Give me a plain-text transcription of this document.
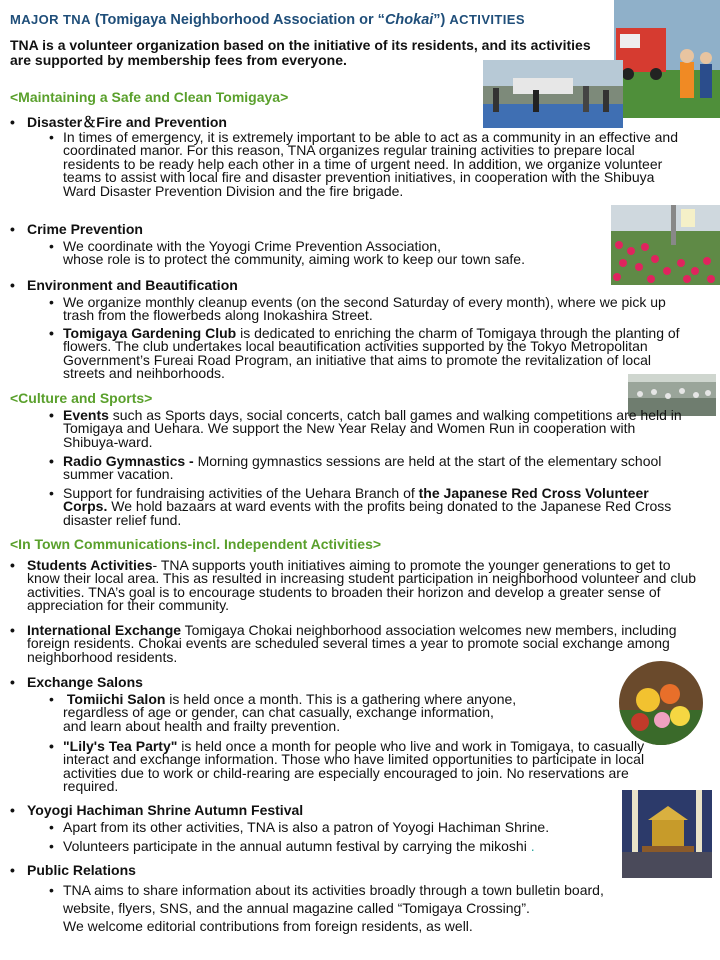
MAJOR TNA (Tomigaya Neighborhood Association or “Chokai”) ACTIVITIES
TNA is a volunteer organization based on the initiative of its residents, and its activities are supported by membership fees from everyone.
<Maintaining a Safe and Clean Tomigaya>
• Disaster＆Fire and Prevention
• In times of emergency, it is extremely important to be able to act as a community in an effective and coordinated manor. For this reason, TNA organizes regular training activities to prepare local residents to be ready help each other in a time of urgent need. In addition, we organize volunteer teams to assist with local fire and disaster prevention initiatives, in cooperation with the Shibuya Ward Disaster Prevention Division and the fire brigade.
• Crime Prevention
• We coordinate with the Yoyogi Crime Prevention Association,
whose role is to protect the community, aiming work to keep our town safe.
• Environment and Beautification
• We organize monthly cleanup events (on the second Saturday of every month), where we pick up trash from the flowerbeds along Inokashira Street.
• Tomigaya Gardening Club is dedicated to enriching the charm of Tomigaya through the planting of flowers. The club undertakes local beautification activities supported by the Tokyo Metropolitan Government’s Fureai Road Program, an initiative that aims to promote the revitalization of local streets and neihborhoods.
<Culture and Sports>
• Events such as Sports days, social concerts, catch ball games and walking competitions are held in Tomigaya and Uehara. We support the New Year Relay and Women Run in cooperation with Shibuya-ward.
• Radio Gymnastics - Morning gymnastics sessions are held at the start of the elementary school summer vacation.
• Support for fundraising activities of the Uehara Branch of the Japanese Red Cross Volunteer Corps. We hold bazaars at ward events with the profits being donated to the Japanese Red Cross disaster relief fund.
<In Town Communications-incl. Independent Activities>
• Students Activities- TNA supports youth initiatives aiming to promote the younger generations to get to know their local area. This as resulted in increasing student participation in neighborhood volunteer and club activities. TNA’s goal is to encourage students to broaden their horizon and develop a greater sense of appreciation for their community.
• International Exchange Tomigaya Chokai neighborhood association welcomes new members, including foreign residents. Chokai events are scheduled several times a year to promote social exchange among neighborhood residents.
• Exchange Salons
• Tomiichi Salon is held once a month. This is a gathering where anyone,
regardless of age or gender, can chat casually, exchange information,
and learn about health and frailty prevention.
• "Lily's Tea Party" is held once a month for people who live and work in Tomigaya, to casually interact and exchange information. Those who have limited opportunities to participate in local activities due to work or child-rearing are especially encouraged to join. No reservations are required.
• Yoyogi Hachiman Shrine Autumn Festival
• Apart from its other activities, TNA is also a patron of Yoyogi Hachiman Shrine.
• Volunteers participate in the annual autumn festival by carrying the mikoshi .
• Public Relations
• TNA aims to share information about its activities broadly through a town bulletin board,
website, flyers, SNS, and the annual magazine called “Tomigaya Crossing”.
We welcome editorial contributions from foreign residents, as well.
